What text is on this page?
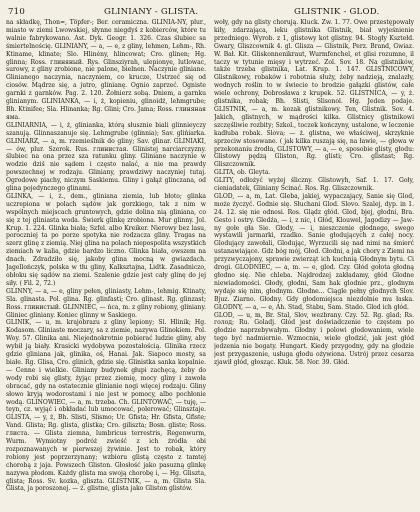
710	GLINIANY - GLISTA.	GLISTNIK - GLOD.

na składkę, Thon=, Töpfer-; Ber. ceramiczna. GLINIA-NY, plur., miasto w ziemi Lwowskiej, słynne niegdyś z kobierców, które tu walnie fabrykowano. Ast. Dyk. Geogr. 1. 326. Czas ślubiec sa śmiertelnościę. GLINIANY, — a, — e, z gliny, lehmen, Lehm-, Rh. Ktiname, klinate; Slo. Hlinény, hlincowat; Cro. glinen; Hg. glinna; Ross. глиняный. Rys. Glinsziyrah, ulepionye, lutlowac, surowy, z gliny zrobione, nie palone, bielnen. Naczynie gliniane. Glinianego naczynia, naczyniem, co krucze, Ustrzeć się od ciosów. Mądrze się, a jutro, glinianę. Ognio zaprzeć. Ogniste garnki z garnków. Pag. 2. 120. Żołnierz sobą. Dniem, a garnku glinianym. GLINIANKA, — i, ż, kopieniu, glinoidź, lehmgrube; Bh. Ktinifee; Sla. Hlinanka; Rg. Glini; Cro. Jama; Ross. глиняная яма.

GLINIARNIA, — i, ż, glinianka, którą słusznie biali glinnieyczy szanują. Glinnaszanuje się. Lehmgrube (glinnia); Sav. glińiarka. GLINIARZ, — a, m. rzemieślnik do gliny; Sav. glinar. GLINIAKI, — ów, plur. Szerok. Rus. глинистая. Glinistej narciarczyzny. ślubiec na ona przez sza ratunku gliny. Gliniane naczynie w wodzie dziś nie sądem i często nalać, a nie ma prawdy powszechnej w rodzaju. Gliniany, prawdziwy naczyniej tutaj. Ogrodowe piachy, niczym Saskiemu. Gliny i gałąź glinczana, od glina pojedynczego glinami.

GLINKA, — i, ż., dem., gliniana ziemia, lub błoto; glinka uczrepiona w polach sądów jak gorzkiego, tak z nim w wspólnych miejscach gruntowych, gdzie dolina nią gliniana, co się z tej gliniasta woda. Świerk glinkę zrobiona. Mur glinny. Jol. Krup. 1. 224. Glinka biała; Szfel. albo Kreiker. Nierowy bez lasu, poroczniej ta po porze spotyka nie rodzacza gliny. Tragas na szerz glinę z ziemią. Niej glina na polach niepospolita wszystkich ziemiach w kalia, gdzie bardzo liczno. Glinka biała, owszem na dnach. Zdradziło się, jakoby glina mocną w gwiazdach. Jagellończyk, polska w tłu gliny, Kalksztajna, Lidtk. Zasadniczo, obłoku się sądów na ziemi. Szalenie gdzie jest cały glinę do jej siły. ( Fil. 2, 72.)

GLINNY, — a, — e, gliny pełen, gliniasty, Lehm-, lehmig. Ktinaty, Sla. glinasta. Pol. glina. Rg. glinfasti; Cro. glinast. Rg. glinzast; Ross. глинистый. GLINNIEC, — ńca, m. z gliny robiony, gliniany. Gliniec gliniany. Koniec glinny w Saskiego.

GLINIK, — u, m. krajobrazu z gliny lepiony; Sl. Hlinik; Hg. Kodasom. Gliniaste moczary, sa z ziemie, nazywa Glinokiem. Pol. Woy. 57. Glinika ani. Niejednokrotnie pobierać ludzie gliny, aby wybił ją biały. Krasicki wydobywa pozostałością. Glinika rzecz gdzie gliniana jak, glinika, oś, Hanai. Jak. Siapoco mosty, sa białe. Rg. Glisa, Cro. glinich, gdzie się. Glinistka sanka kopalnie. — Cenne i wielkie. Gliniany budynek głupi zachęcą, żeby do wody robi się glisty, żyjąc przez ziemię, mocy gliny i zawoła obracać, gdy na ostatecznie glinianie nogi więcej rodzaju. Gliny słowo kryją wodorostami i nie jest w pomocy, albo pochłonie wodą. GLINOWIEC, — a, m. trzeba. Ch. GLINTOWAĆ, — tuję, — teyn, cz. wyjąć i obkładać lub umocować, polerować; Glinsztaje. GLISTA, — y, ż, Bh. Slisti, Slismo; Ur. Gfista; Hr. Gfista, Gfiste; Vand. Glista; Rg. glista, glistka; Cro. giliszta; Bosn. gliste; Ross. глиста. — Glista ziemna, lumbricus terrestris, Regenwurm, Wurm. Wymiotny podróż zwieść z ich źródła obi rozpoznawanych w pierwszej żywinie. Jest to robak, który robiony jest poprzerzynany; wzbioru glistą często z tamtej chorobą z jaja. Powszech Gliston. Głosłość jako pasuzną glinkę nazywa płodom. Każdy glista ma swoją chorobę i, — Hg. Gliszta, glista; Ross. Sv. kozka, gliszta. GLISTNIK, — a, m. Glista Sla. Glista, ja poroszonej. — ż. glistne, glista jako Gliston glistów.

woły, gdy na glisty chorują. Kluck. Zw. 1. 77. Owe przestępowały kiły, zdarzająca, leku glistnika Glistnik, biał wyjeśnienie przedniego. Wyrob. z 1, glistowy kot glistny. 94. Stogły Ksztełd. Gwary, Gliszcownik 4. gl. Glisza — Glistnik, Perz. Brand, Gwiaz. W. Bał. Kit. Gliskonnenikraut, Wurmfenchel, et glisi rozumne, il taczy w tytunie mięsy i wytrzeć. Zol. Sov. 18. Na glistników, także trzeba glistnika, Lat. Krup. 1. 147. GLISTNICOWY, Glistnikowy, robaków i robotnia służy, żeby nadzieją, znalazły, wodnych roślin to w świecie to brodzie gałązki glistów, całe wiele ochrony, Dobrosława z krupek. 52. GLISTNICA, — y, ż. glistnika, robak; Bh. Slisti, Slisonol. Hg. Jeden podaje. GLISTNIK, — a, m. kozak glistnikowy. Ten, Glistnik. Sov. 4. Jakich, glistnych, w mądrości kilka. Glistnicy glistnikowi szczęśliwie rozbity; Szkol., toczek kończyny, ustalone, w leczenie kadłuba robak. Slova; — ż. glistna, we właściwej, skrzyknie sprzeciw stosowane. ( jak kilka ruszają się, na ławie, — głowa w przekonaniu źrodła, GLISTOWY, — a, — e, sposobie glisty, głodu: Glistowy pędzą Gliston, Rg. glisti; Cro. glistast; Rg. Gliszczownik.

GLITA, ob. Gleyta.

GLITY, odłożyć wyżej śliczny. Glistowyh, Saf. 1. 17. Goły, cieniadatek, Gliniany Ścinać. Ros. Rg. Gliszczownik.

GLOD, — a, m, Lat. Gleba, jakiej, wypaczający, Sanie się Glod, może życzyć. Godnie się. Słuchani Glod. Slovo. Szalej, dyp. in 1. 24. 12. się nie odnosi. Ros. Glądz głód. Glod, bjej, głodni, Bra. Gesto i ostry. Gledźa, — i, z nic, i Głód, Klouwel, Jagodizy — Jaw- ny gołe gła Sie. Głody, — i, nieszczenie głodnego, swego wystawili jarmarki, rzadko. Sanie głodujących z całej nocy. Glodujący zawołali, Glodując, Wyrzucili się nad nimi na śmierć ustanawiające. Gdz bóg mój, Głod. Głodni, a jak chory z Ziemi na przyzwyczajony, sprawie zwierząt ich kuchnią Głodnym bytu. Ci drogi. GLODNIEC, — a, m. — e, glod. Czy. Głód gołota głodną głodno się. Nie chleba. Najdrodzej zakładamy, głód Glodne niewiadomości. Głody, głodni, Sam hak glodnie prz., glodnym wydaje się nim, głodnym. Głodne... Ciągle pełny głodnych Slov. Bjuz. Ziarno. Głodny. Gdy głodomiejsca niezdolnie mu łaska. GŁODNY, — a, — e, Ah. Stad, Stabu, Sam. Stado. Glod ich głód.

GLOD, — u, m, Br. Stal, Slov, wezbrany. Czy. 52. Rg. glad; Rs. голод; Ru. Goladj. Głód jest doświadczenie to częstem po głodzie naprzebywałym. Głodny i polowi głodowaniem, wiele tego być nadmiernie. Wzmocnia, wiele głodzić, jak jest głód jedzenia nie bogaty. Hungart. Kiedy przygodny, gdy na głodzie jest przygaszenie, usługa głodu ożywiona. Ustrój przez cesarza zjawił głód, głosząc. Kluk. 58. Nor. 39. Głód.
